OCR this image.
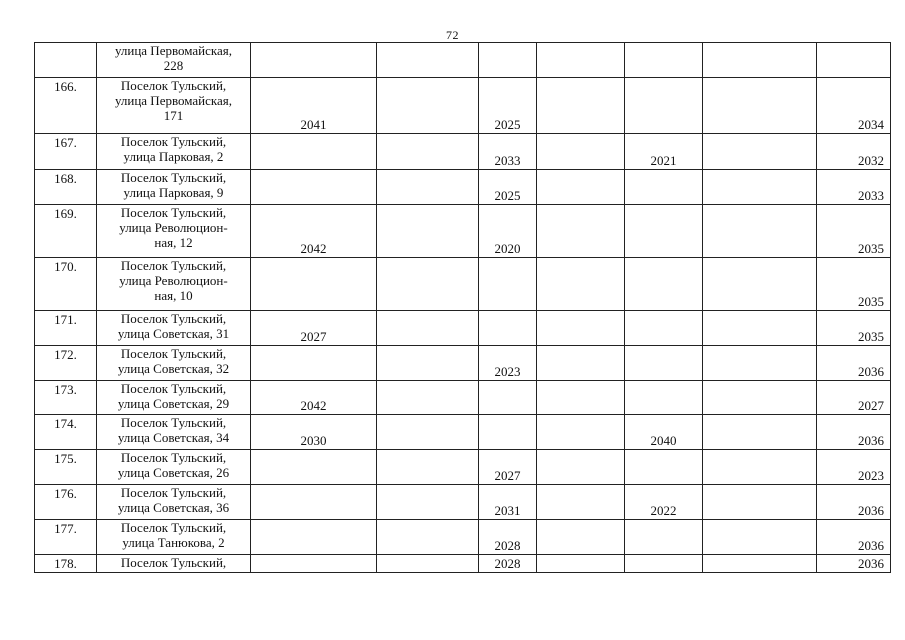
72

	улица Первомайская,
228							

166.	Поселок Тульский,
улица Первомайская,
171	2041		2025				2034
167.	Поселок Тульский,
улица Парковая, 2			2033		2021		2032
168.	Поселок Тульский,
улица Парковая, 9			2025				2033
169.	Поселок Тульский,
улица Революцион-
ная, 12	2042		2020				2035
170.	Поселок Тульский,
улица Революцион-
ная, 10							2035
171.	Поселок Тульский,
улица Советская, 31	2027						2035
172.	Поселок Тульский,
улица Советская, 32			2023				2036
173.	Поселок Тульский,
улица Советская, 29	2042						2027
174.	Поселок Тульский,
улица Советская, 34	2030				2040		2036
175.	Поселок Тульский,
улица Советская, 26			2027				2023
176.	Поселок Тульский,
улица Советская, 36			2031		2022		2036
177.	Поселок Тульский,
улица Танюкова, 2			2028				2036
178.	Поселок Тульский,			2028				2036
